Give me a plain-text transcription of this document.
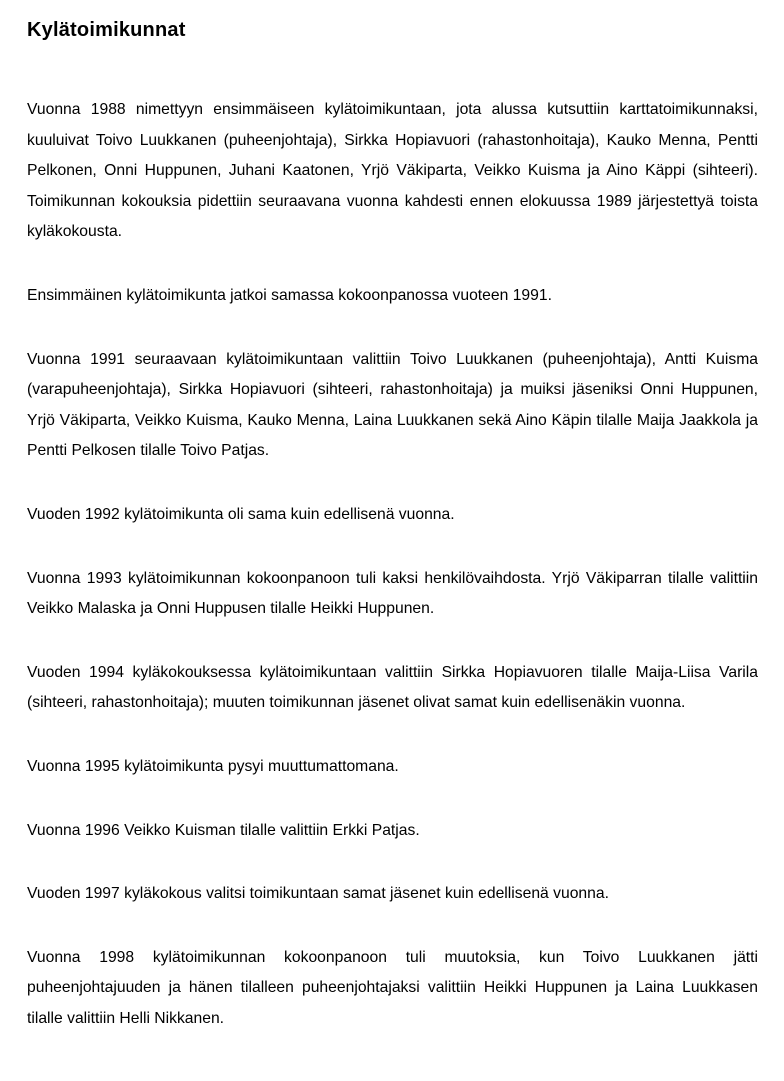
Kylätoimikunnat

Vuonna 1988 nimettyyn ensimmäiseen kylätoimikuntaan, jota alussa kutsuttiin karttatoimikunnaksi, kuuluivat Toivo Luukkanen (puheenjohtaja), Sirkka Hopiavuori (rahastonhoitaja), Kauko Menna, Pentti Pelkonen, Onni Huppunen, Juhani Kaatonen, Yrjö Väkiparta, Veikko Kuisma ja Aino Käppi (sihteeri). Toimikunnan kokouksia pidettiin seuraavana vuonna kahdesti ennen elokuussa 1989 järjestettyä toista kyläkokousta.

Ensimmäinen kylätoimikunta jatkoi samassa kokoonpanossa vuoteen 1991.

Vuonna 1991 seuraavaan kylätoimikuntaan valittiin Toivo Luukkanen (puheenjohtaja), Antti Kuisma (varapuheenjohtaja), Sirkka Hopiavuori (sihteeri, rahastonhoitaja) ja muiksi jäseniksi Onni Huppunen, Yrjö Väkiparta, Veikko Kuisma, Kauko Menna, Laina Luukkanen sekä Aino Käpin tilalle Maija Jaakkola ja Pentti Pelkosen tilalle Toivo Patjas.

Vuoden 1992 kylätoimikunta oli sama kuin edellisenä vuonna.

Vuonna 1993 kylätoimikunnan kokoonpanoon tuli kaksi henkilövaihdosta. Yrjö Väkiparran tilalle valittiin Veikko Malaska ja Onni Huppusen tilalle Heikki Huppunen.

Vuoden 1994 kyläkokouksessa kylätoimikuntaan valittiin Sirkka Hopiavuoren tilalle Maija-Liisa Varila (sihteeri, rahastonhoitaja); muuten toimikunnan jäsenet olivat samat kuin edellisenäkin vuonna.

Vuonna 1995 kylätoimikunta pysyi muuttumattomana.

Vuonna 1996 Veikko Kuisman tilalle valittiin Erkki Patjas.

Vuoden 1997 kyläkokous valitsi toimikuntaan samat jäsenet kuin edellisenä vuonna.

Vuonna 1998 kylätoimikunnan kokoonpanoon tuli muutoksia, kun Toivo Luukkanen jätti puheenjohtajuuden ja hänen tilalleen puheenjohtajaksi valittiin Heikki Huppunen ja Laina Luukkasen tilalle valittiin Helli Nikkanen.
